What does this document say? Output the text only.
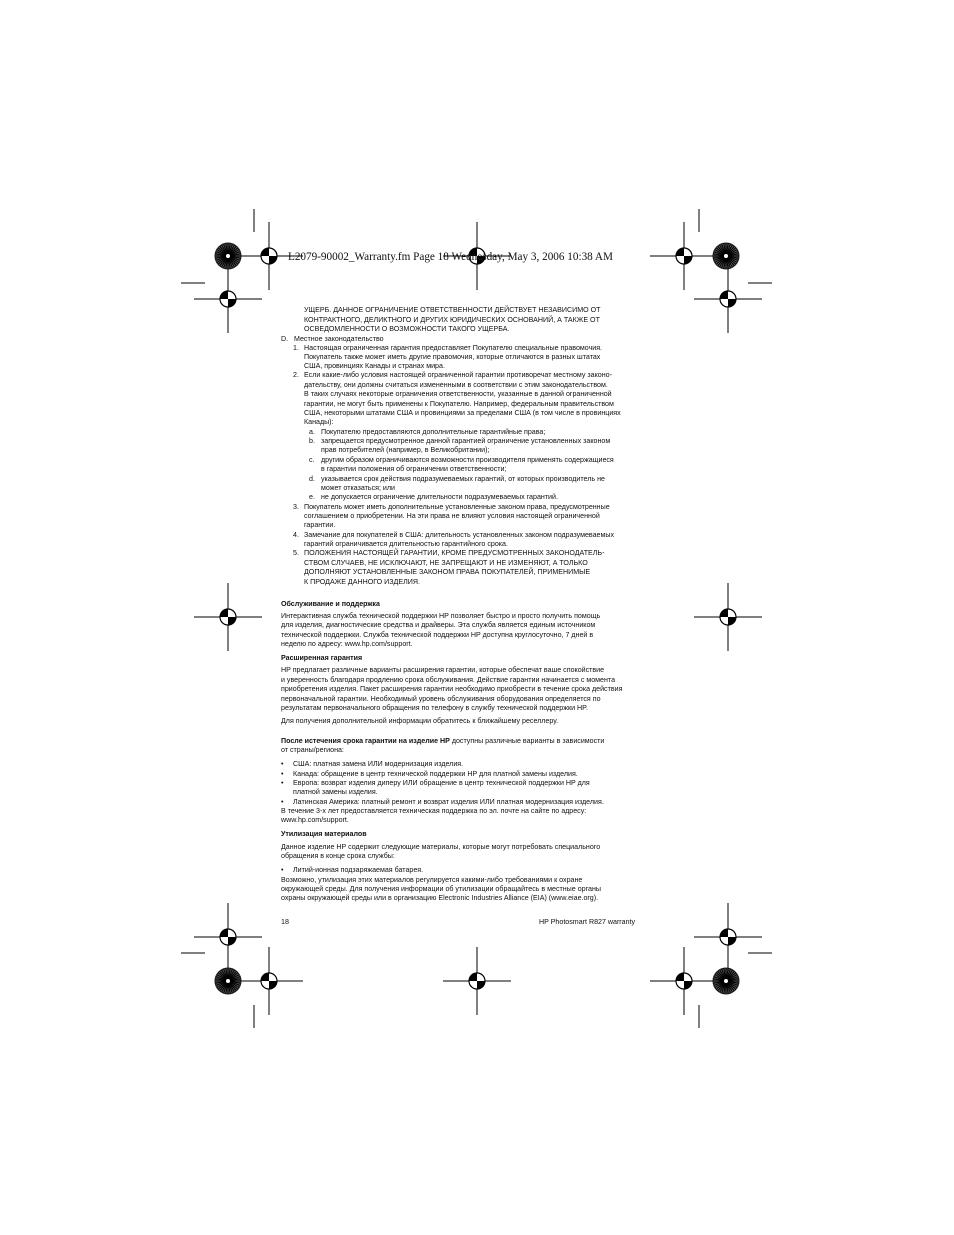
L2079-90002_Warranty.fm Page 18 Wednesday, May 3, 2006 10:38 AM
УЩЕРБ. ДАННОЕ ОГРАНИЧЕНИЕ ОТВЕТСТВЕННОСТИ ДЕЙСТВУЕТ НЕЗАВИСИМО ОТ
КОНТРАКТНОГО, ДЕЛИКТНОГО И ДРУГИХ ЮРИДИЧЕСКИХ ОСНОВАНИЙ, А ТАКЖЕ ОТ
ОСВЕДОМЛЕННОСТИ О ВОЗМОЖНОСТИ ТАКОГО УЩЕРБА.
D. Местное законодательство
1. Настоящая ограниченная гарантия предоставляет Покупателю специальные правомочия.
Покупатель также может иметь другие правомочия, которые отличаются в разных штатах
США, провинциях Канады и странах мира.
2. Если какие-либо условия настоящей ограниченной гарантии противоречат местному законо-
дательству, они должны считаться измененными в соответствии с этим законодательством.
В таких случаях некоторые ограничения ответственности, указанные в данной ограниченной
гарантии, не могут быть применены к Покупателю. Например, федеральным правительством
США, некоторыми штатами США и провинциями за пределами США (в том числе в провинциях
Канады):
a. Покупателю предоставляются дополнительные гарантийные права;
b. запрещается предусмотренное данной гарантией ограничение установленных законом
прав потребителей (например, в Великобритании);
c. другим образом ограничиваются возможности производителя применять содержащиеся
в гарантии положения об ограничении ответственности;
d. указывается срок действия подразумеваемых гарантий, от которых производитель не
может отказаться; или
e. не допускается ограничение длительности подразумеваемых гарантий.
3. Покупатель может иметь дополнительные установленные законом права, предусмотренные
соглашением о приобретении. На эти права не влияют условия настоящей ограниченной
гарантии.
4. Замечание для покупателей в США: длительность установленных законом подразумеваемых
гарантий ограничивается длительностью гарантийного срока.
5. ПОЛОЖЕНИЯ НАСТОЯЩЕЙ ГАРАНТИИ, КРОМЕ ПРЕДУСМОТРЕННЫХ ЗАКОНОДАТЕЛЬ-
СТВОМ СЛУЧАЕВ, НЕ ИСКЛЮЧАЮТ, НЕ ЗАПРЕЩАЮТ И НЕ ИЗМЕНЯЮТ, А ТОЛЬКО
ДОПОЛНЯЮТ УСТАНОВЛЕННЫЕ ЗАКОНОМ ПРАВА ПОКУПАТЕЛЕЙ, ПРИМЕНИМЫЕ
К ПРОДАЖЕ ДАННОГО ИЗДЕЛИЯ.
Обслуживание и поддержка
Интерактивная служба технической поддержки HP позволяет быстро и просто получить помощь
для изделия, диагностические средства и драйверы. Эта служба является единым источником
технической поддержки. Служба технической поддержки HP доступна круглосуточно, 7 дней в
неделю по адресу: www.hp.com/support.
Расширенная гарантия
HP предлагает различные варианты расширения гарантии, которые обеспечат ваше спокойствие
и уверенность благодаря продлению срока обслуживания. Действие гарантии начинается с момента
приобретения изделия. Пакет расширения гарантии необходимо приобрести в течение срока действия
первоначальной гарантии. Необходимый уровень обслуживания оборудования определяется по
результатам первоначального обращения по телефону в службу технической поддержки HP.
Для получения дополнительной информации обратитесь к ближайшему реселлеру.
После истечения срока гарантии на изделие HP доступны различные варианты в зависимости
от страны/региона:
• США: платная замена ИЛИ модернизация изделия.
• Канада: обращение в центр технической поддержки HP для платной замены изделия.
• Европа: возврат изделия диперу ИЛИ обращение в центр технической поддержки HP для
платной замены изделия.
• Латинская Америка: платный ремонт и возврат изделия ИЛИ платная модернизация изделия.
В течение 3-х лет предоставляется техническая поддержка по эл. почте на сайте по адресу:
www.hp.com/support.
Утилизация материалов
Данное изделие HP содержит следующие материалы, которые могут потребовать специального
обращения в конце срока службы:
• Литий-ионная подзаряжаемая батарея.
Возможно, утилизация этих материалов регулируется какими-либо требованиями к охране
окружающей среды. Для получения информации об утилизации обращайтесь в местные органы
охраны окружающей среды или в организацию Electronic Industries Alliance (EIA) (www.eiae.org).
18	HP Photosmart R827 warranty
